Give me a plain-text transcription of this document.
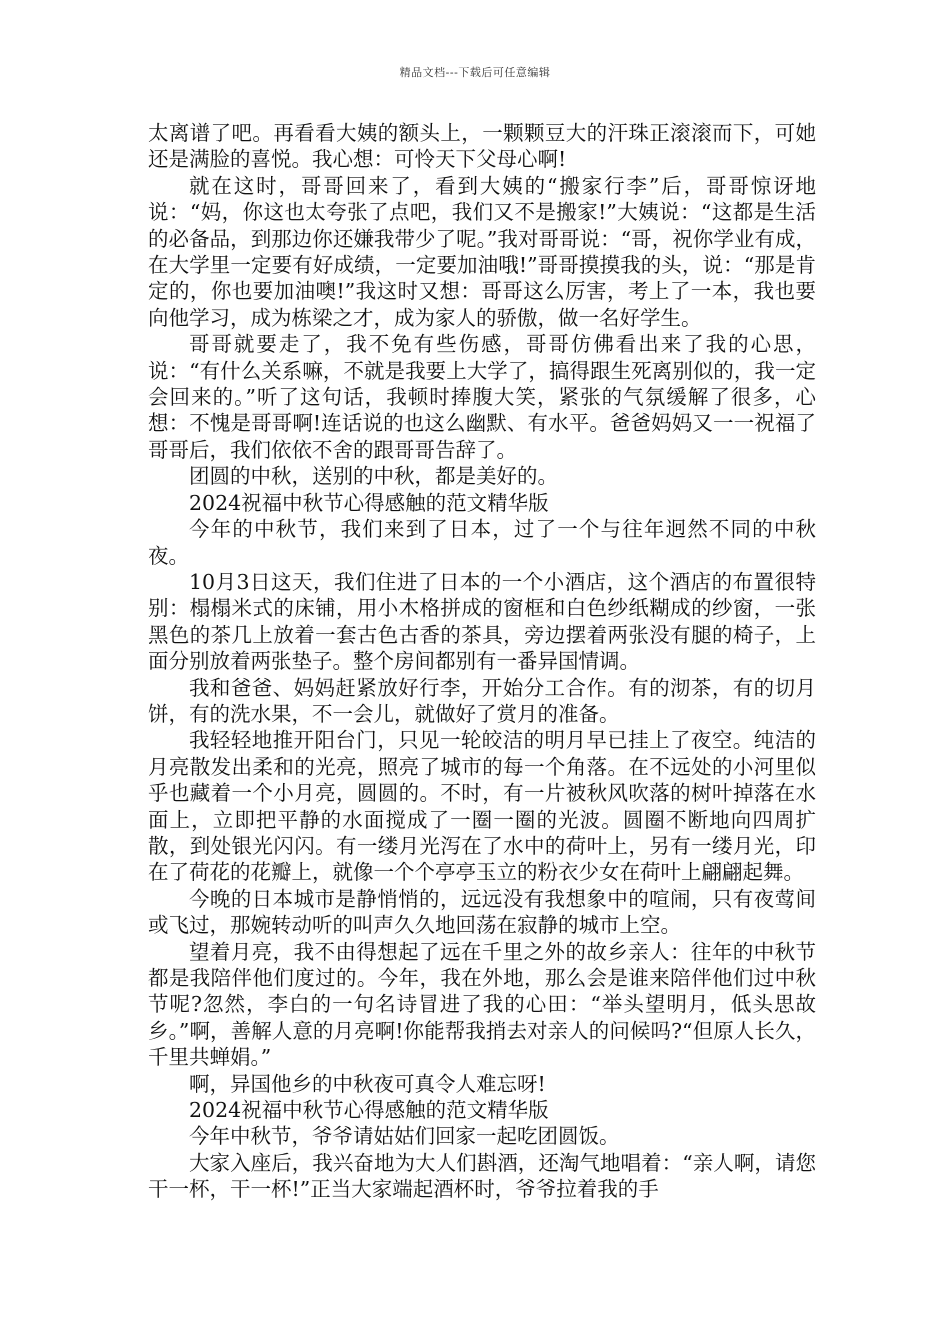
精品文档---下载后可任意编辑

太离谱了吧。再看看大姨的额头上，一颗颗豆大的汗珠正滚滚而下，可她还是满脸的喜悦。我心想：可怜天下父母心啊!

就在这时，哥哥回来了，看到大姨的“搬家行李”后，哥哥惊讶地说：“妈，你这也太夸张了点吧，我们又不是搬家!”大姨说：“这都是生活的必备品，到那边你还嫌我带少了呢。”我对哥哥说：“哥，祝你学业有成，在大学里一定要有好成绩，一定要加油哦!”哥哥摸摸我的头，说：“那是肯定的，你也要加油噢!”我这时又想：哥哥这么厉害，考上了一本，我也要向他学习，成为栋梁之才，成为家人的骄傲，做一名好学生。

哥哥就要走了，我不免有些伤感，哥哥仿佛看出来了我的心思，说：“有什么关系嘛，不就是我要上大学了，搞得跟生死离别似的，我一定会回来的。”听了这句话，我顿时捧腹大笑，紧张的气氛缓解了很多，心想：不愧是哥哥啊!连话说的也这么幽默、有水平。爸爸妈妈又一一祝福了哥哥后，我们依依不舍的跟哥哥告辞了。

团圆的中秋，送别的中秋，都是美好的。

2024祝福中秋节心得感触的范文精华版

今年的中秋节，我们来到了日本，过了一个与往年迥然不同的中秋夜。

10月3日这天，我们住进了日本的一个小酒店，这个酒店的布置很特别：榻榻米式的床铺，用小木格拼成的窗框和白色纱纸糊成的纱窗，一张黑色的茶几上放着一套古色古香的茶具，旁边摆着两张没有腿的椅子，上面分别放着两张垫子。整个房间都别有一番异国情调。

我和爸爸、妈妈赶紧放好行李，开始分工合作。有的沏茶，有的切月饼，有的洗水果，不一会儿，就做好了赏月的准备。

我轻轻地推开阳台门，只见一轮皎洁的明月早已挂上了夜空。纯洁的月亮散发出柔和的光亮，照亮了城市的每一个角落。在不远处的小河里似乎也藏着一个小月亮，圆圆的。不时，有一片被秋风吹落的树叶掉落在水面上，立即把平静的水面搅成了一圈一圈的光波。圆圈不断地向四周扩散，到处银光闪闪。有一缕月光泻在了水中的荷叶上，另有一缕月光，印在了荷花的花瓣上，就像一个个亭亭玉立的粉衣少女在荷叶上翩翩起舞。

今晚的日本城市是静悄悄的，远远没有我想象中的喧闹，只有夜莺间或飞过，那婉转动听的叫声久久地回荡在寂静的城市上空。

望着月亮，我不由得想起了远在千里之外的故乡亲人：往年的中秋节都是我陪伴他们度过的。今年，我在外地，那么会是谁来陪伴他们过中秋节呢?忽然，李白的一句名诗冒进了我的心田：“举头望明月，低头思故乡。”啊，善解人意的月亮啊!你能帮我捎去对亲人的问候吗?“但原人长久，千里共蝉娟。”

啊，异国他乡的中秋夜可真令人难忘呀!

2024祝福中秋节心得感触的范文精华版

今年中秋节，爷爷请姑姑们回家一起吃团圆饭。

大家入座后，我兴奋地为大人们斟酒，还淘气地唱着：“亲人啊，请您干一杯，干一杯!”正当大家端起酒杯时，爷爷拉着我的手
